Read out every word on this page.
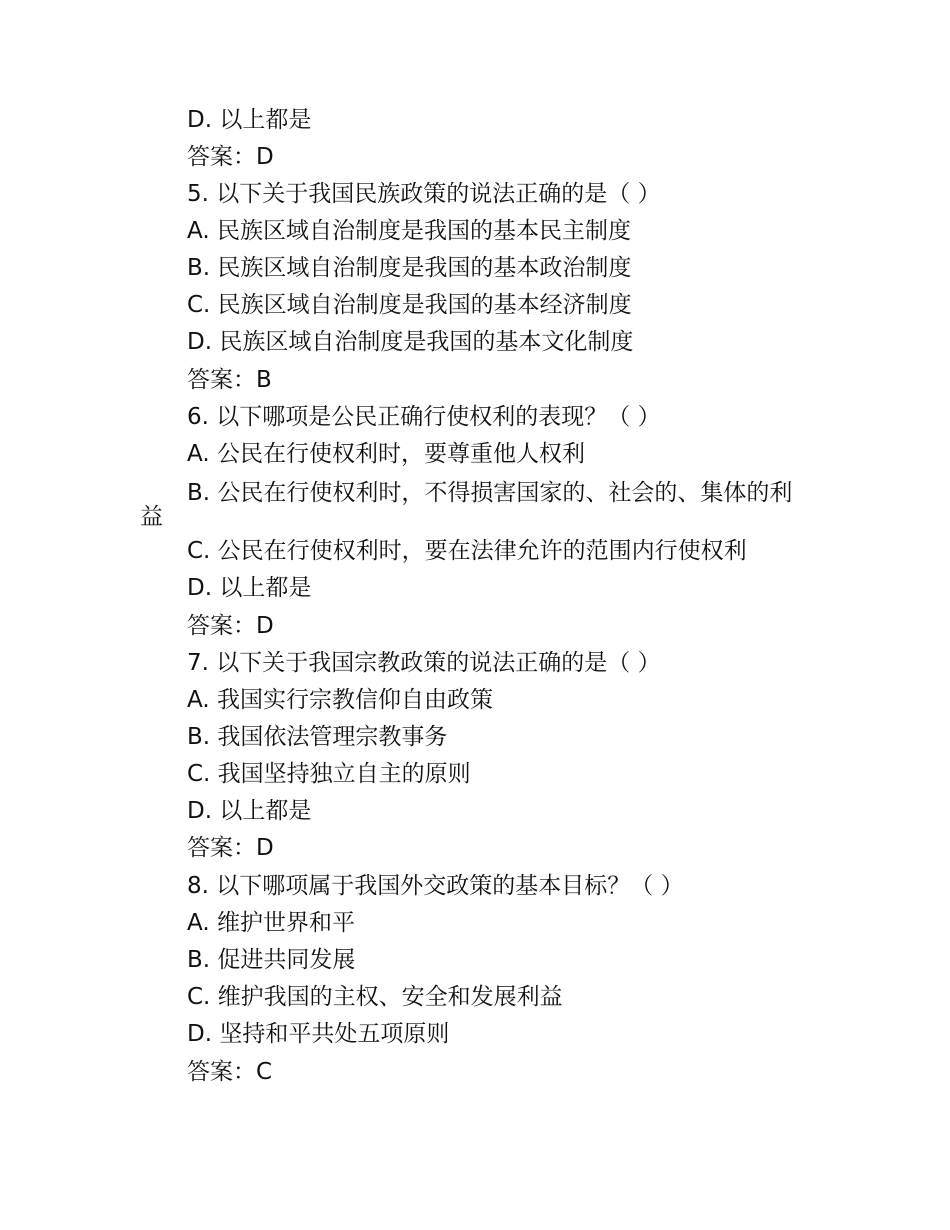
D. 以上都是
答案：D
5. 以下关于我国民族政策的说法正确的是（ ）
A. 民族区域自治制度是我国的基本民主制度
B. 民族区域自治制度是我国的基本政治制度
C. 民族区域自治制度是我国的基本经济制度
D. 民族区域自治制度是我国的基本文化制度
答案：B
6. 以下哪项是公民正确行使权利的表现？（ ）
A. 公民在行使权利时，要尊重他人权利
B. 公民在行使权利时，不得损害国家的、社会的、集体的利益
C. 公民在行使权利时，要在法律允许的范围内行使权利
D. 以上都是
答案：D
7. 以下关于我国宗教政策的说法正确的是（ ）
A. 我国实行宗教信仰自由政策
B. 我国依法管理宗教事务
C. 我国坚持独立自主的原则
D. 以上都是
答案：D
8. 以下哪项属于我国外交政策的基本目标？（ ）
A. 维护世界和平
B. 促进共同发展
C. 维护我国的主权、安全和发展利益
D. 坚持和平共处五项原则
答案：C
